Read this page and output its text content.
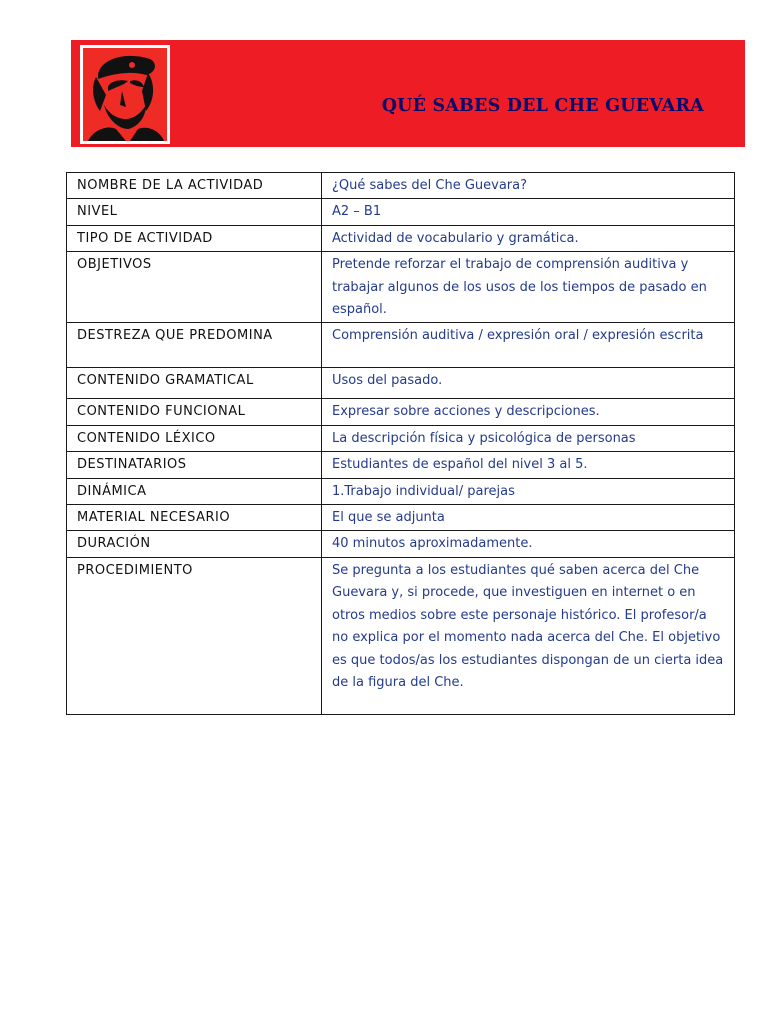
QUÉ SABES DEL CHE GUEVARA
NOMBRE DE LA ACTIVIDAD	¿Qué sabes del Che Guevara?
NIVEL	A2 – B1
TIPO DE ACTIVIDAD	Actividad de vocabulario y gramática.
OBJETIVOS	Pretende reforzar el trabajo de comprensión auditiva y trabajar algunos de los usos de los tiempos de pasado en español.
DESTREZA QUE PREDOMINA	Comprensión auditiva / expresión oral / expresión escrita
CONTENIDO GRAMATICAL	Usos del pasado.
CONTENIDO FUNCIONAL	Expresar sobre acciones y descripciones.
CONTENIDO LÉXICO	La descripción física y psicológica de personas
DESTINATARIOS	Estudiantes de español del nivel 3 al 5.
DINÁMICA	1.Trabajo individual/ parejas
MATERIAL NECESARIO	El que se adjunta
DURACIÓN	40 minutos aproximadamente.
PROCEDIMIENTO	Se pregunta a los estudiantes qué saben acerca del Che Guevara y, si procede, que investiguen en internet o en otros medios sobre este personaje histórico. El profesor/a no explica por el momento nada acerca del Che. El objetivo es que todos/as los estudiantes dispongan de un cierta idea de la figura del Che.
